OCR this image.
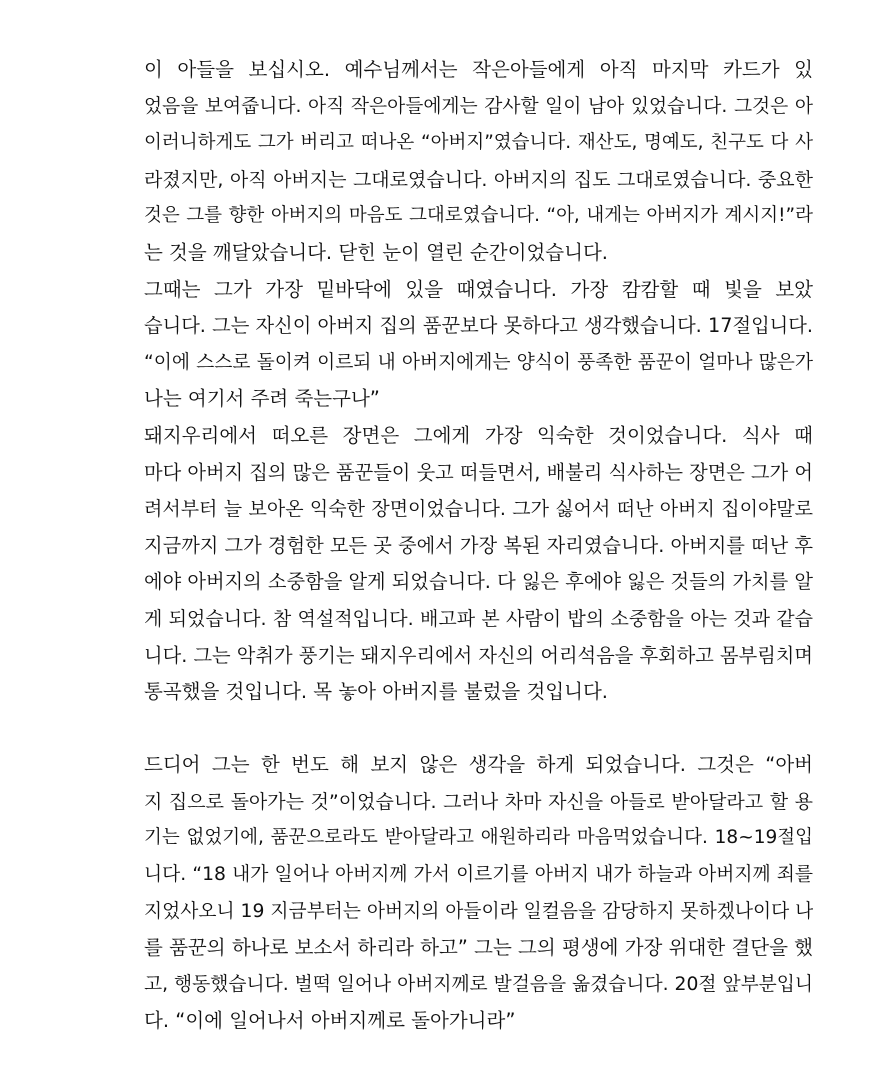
이 아들을 보십시오. 예수님께서는 작은아들에게 아직 마지막 카드가 있
었음을 보여줍니다. 아직 작은아들에게는 감사할 일이 남아 있었습니다. 그것은 아
이러니하게도 그가 버리고 떠나온 “아버지”였습니다. 재산도, 명예도, 친구도 다 사
라졌지만, 아직 아버지는 그대로였습니다. 아버지의 집도 그대로였습니다. 중요한
것은 그를 향한 아버지의 마음도 그대로였습니다. “아, 내게는 아버지가 계시지!”라
는 것을 깨달았습니다. 닫힌 눈이 열린 순간이었습니다.

그때는 그가 가장 밑바닥에 있을 때였습니다. 가장 캄캄할 때 빛을 보았
습니다. 그는 자신이 아버지 집의 품꾼보다 못하다고 생각했습니다. 17절입니다.
“이에 스스로 돌이켜 이르되 내 아버지에게는 양식이 풍족한 품꾼이 얼마나 많은가
나는 여기서 주려 죽는구나”

돼지우리에서 떠오른 장면은 그에게 가장 익숙한 것이었습니다. 식사 때
마다 아버지 집의 많은 품꾼들이 웃고 떠들면서, 배불리 식사하는 장면은 그가 어
려서부터 늘 보아온 익숙한 장면이었습니다. 그가 싫어서 떠난 아버지 집이야말로
지금까지 그가 경험한 모든 곳 중에서 가장 복된 자리였습니다. 아버지를 떠난 후
에야 아버지의 소중함을 알게 되었습니다. 다 잃은 후에야 잃은 것들의 가치를 알
게 되었습니다. 참 역설적입니다. 배고파 본 사람이 밥의 소중함을 아는 것과 같습
니다. 그는 악취가 풍기는 돼지우리에서 자신의 어리석음을 후회하고 몸부림치며
통곡했을 것입니다. 목 놓아 아버지를 불렀을 것입니다.

드디어 그는 한 번도 해 보지 않은 생각을 하게 되었습니다. 그것은 “아버
지 집으로 돌아가는 것”이었습니다. 그러나 차마 자신을 아들로 받아달라고 할 용
기는 없었기에, 품꾼으로라도 받아달라고 애원하리라 마음먹었습니다. 18~19절입
니다. “18 내가 일어나 아버지께 가서 이르기를 아버지 내가 하늘과 아버지께 죄를
지었사오니 19 지금부터는 아버지의 아들이라 일컬음을 감당하지 못하겠나이다 나
를 품꾼의 하나로 보소서 하리라 하고” 그는 그의 평생에 가장 위대한 결단을 했
고, 행동했습니다. 벌떡 일어나 아버지께로 발걸음을 옮겼습니다. 20절 앞부분입니
다. “이에 일어나서 아버지께로 돌아가니라”
